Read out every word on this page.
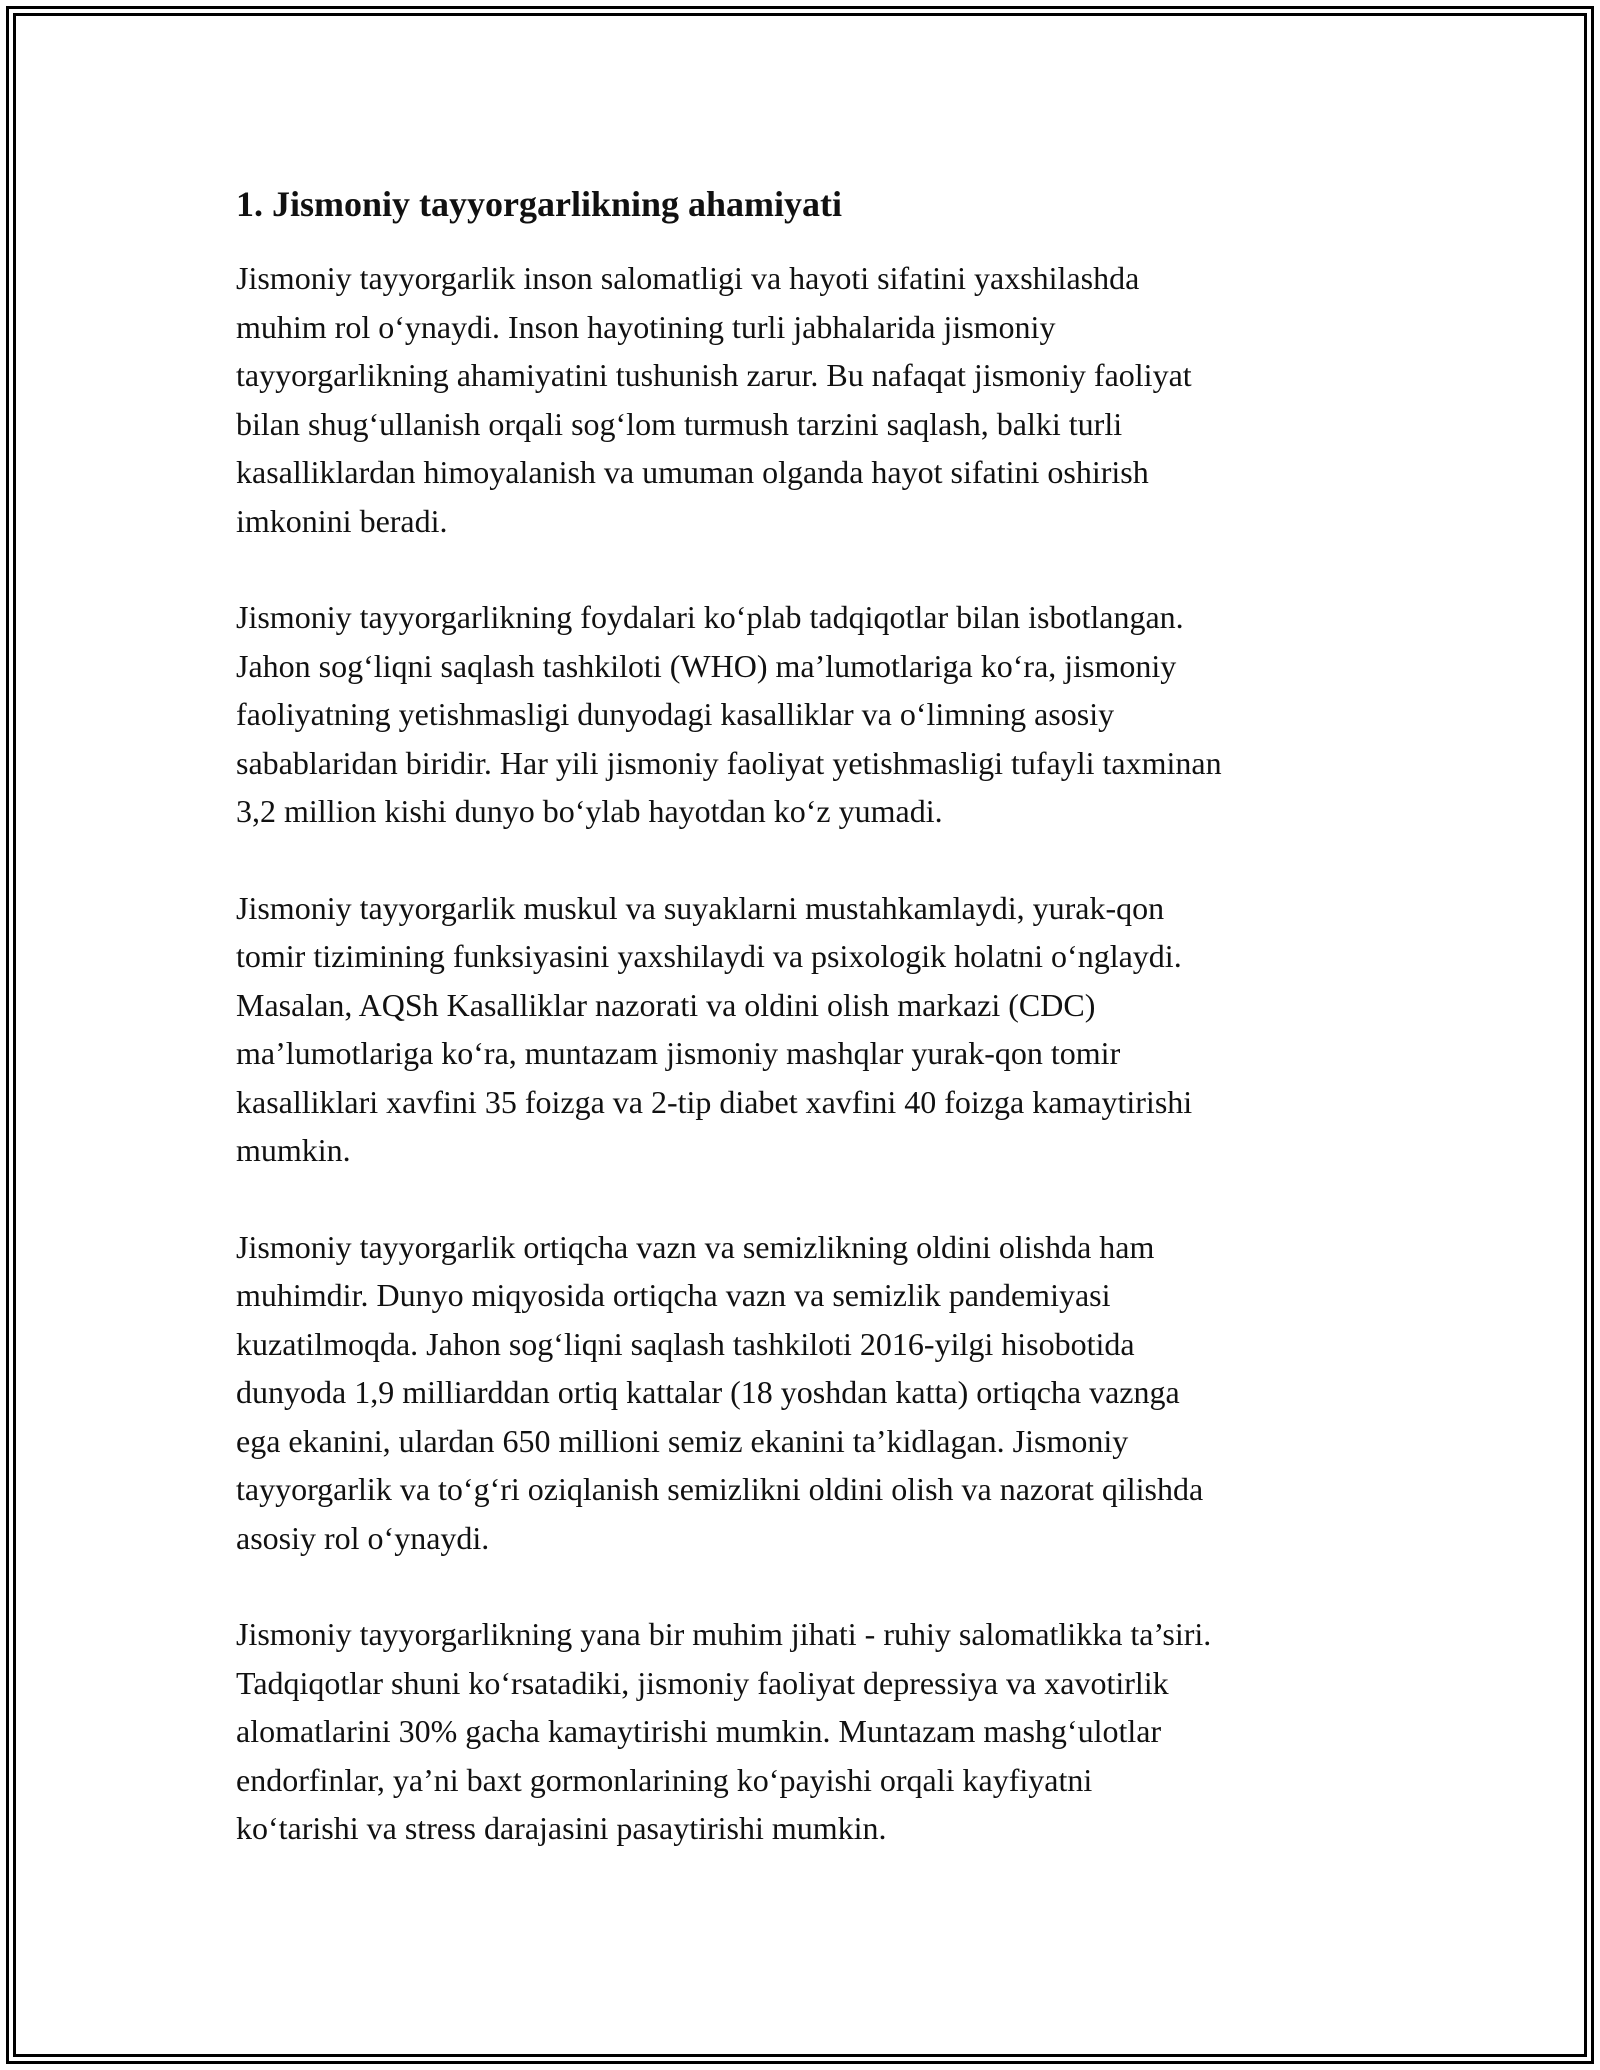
1. Jismoniy tayyorgarlikning ahamiyati

Jismoniy tayyorgarlik inson salomatligi va hayoti sifatini yaxshilashda
muhim rol o‘ynaydi. Inson hayotining turli jabhalarida jismoniy
tayyorgarlikning ahamiyatini tushunish zarur. Bu nafaqat jismoniy faoliyat
bilan shug‘ullanish orqali sog‘lom turmush tarzini saqlash, balki turli
kasalliklardan himoyalanish va umuman olganda hayot sifatini oshirish
imkonini beradi.

Jismoniy tayyorgarlikning foydalari ko‘plab tadqiqotlar bilan isbotlangan.
Jahon sog‘liqni saqlash tashkiloti (WHO) ma’lumotlariga ko‘ra, jismoniy
faoliyatning yetishmasligi dunyodagi kasalliklar va o‘limning asosiy
sabablaridan biridir. Har yili jismoniy faoliyat yetishmasligi tufayli taxminan
3,2 million kishi dunyo bo‘ylab hayotdan ko‘z yumadi.

Jismoniy tayyorgarlik muskul va suyaklarni mustahkamlaydi, yurak-qon
tomir tizimining funksiyasini yaxshilaydi va psixologik holatni o‘nglaydi.
Masalan, AQSh Kasalliklar nazorati va oldini olish markazi (CDC)
ma’lumotlariga ko‘ra, muntazam jismoniy mashqlar yurak-qon tomir
kasalliklari xavfini 35 foizga va 2-tip diabet xavfini 40 foizga kamaytirishi
mumkin.

Jismoniy tayyorgarlik ortiqcha vazn va semizlikning oldini olishda ham
muhimdir. Dunyo miqyosida ortiqcha vazn va semizlik pandemiyasi
kuzatilmoqda. Jahon sog‘liqni saqlash tashkiloti 2016-yilgi hisobotida
dunyoda 1,9 milliarddan ortiq kattalar (18 yoshdan katta) ortiqcha vaznga
ega ekanini, ulardan 650 millioni semiz ekanini ta’kidlagan. Jismoniy
tayyorgarlik va to‘g‘ri oziqlanish semizlikni oldini olish va nazorat qilishda
asosiy rol o‘ynaydi.

Jismoniy tayyorgarlikning yana bir muhim jihati - ruhiy salomatlikka ta’siri.
Tadqiqotlar shuni ko‘rsatadiki, jismoniy faoliyat depressiya va xavotirlik
alomatlarini 30% gacha kamaytirishi mumkin. Muntazam mashg‘ulotlar
endorfinlar, ya’ni baxt gormonlarining ko‘payishi orqali kayfiyatni
ko‘tarishi va stress darajasini pasaytirishi mumkin.
